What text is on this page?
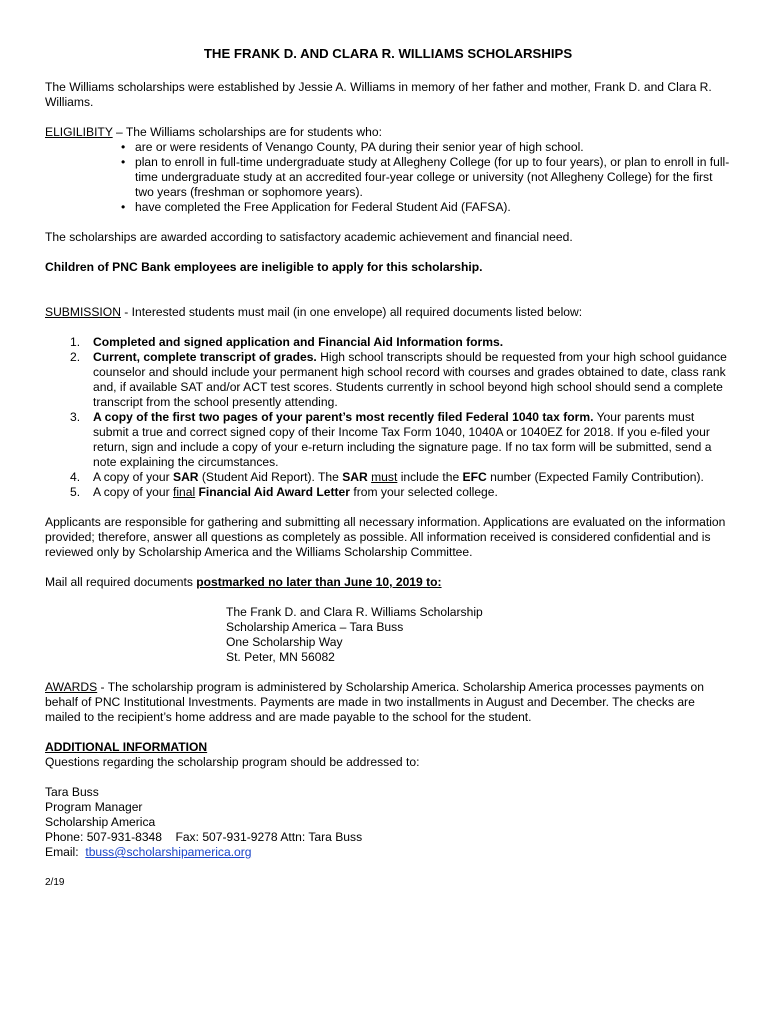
THE FRANK D. AND CLARA R. WILLIAMS SCHOLARSHIPS

The Williams scholarships were established by Jessie A. Williams in memory of her father and mother, Frank D. and Clara R. Williams.

ELIGILIBITY – The Williams scholarships are for students who:

• are or were residents of Venango County, PA during their senior year of high school.
• plan to enroll in full-time undergraduate study at Allegheny College (for up to four years), or plan to enroll in full-time undergraduate study at an accredited four-year college or university (not Allegheny College) for the first two years (freshman or sophomore years).
• have completed the Free Application for Federal Student Aid (FAFSA).

The scholarships are awarded according to satisfactory academic achievement and financial need.

Children of PNC Bank employees are ineligible to apply for this scholarship.

SUBMISSION - Interested students must mail (in one envelope) all required documents listed below:

1. Completed and signed application and Financial Aid Information forms.
2. Current, complete transcript of grades. High school transcripts should be requested from your high school guidance counselor and should include your permanent high school record with courses and grades obtained to date, class rank and, if available SAT and/or ACT test scores. Students currently in school beyond high school should send a complete transcript from the school presently attending.
3. A copy of the first two pages of your parent’s most recently filed Federal 1040 tax form. Your parents must submit a true and correct signed copy of their Income Tax Form 1040, 1040A or 1040EZ for 2018. If you e-filed your return, sign and include a copy of your e-return including the signature page. If no tax form will be submitted, send a note explaining the circumstances.
4. A copy of your SAR (Student Aid Report). The SAR must include the EFC number (Expected Family Contribution).
5. A copy of your final Financial Aid Award Letter from your selected college.

Applicants are responsible for gathering and submitting all necessary information. Applications are evaluated on the information provided; therefore, answer all questions as completely as possible. All information received is considered confidential and is reviewed only by Scholarship America and the Williams Scholarship Committee.

Mail all required documents postmarked no later than June 10, 2019 to:

The Frank D. and Clara R. Williams Scholarship
Scholarship America – Tara Buss
One Scholarship Way
St. Peter, MN 56082

AWARDS - The scholarship program is administered by Scholarship America. Scholarship America processes payments on behalf of PNC Institutional Investments. Payments are made in two installments in August and December. The checks are mailed to the recipient’s home address and are made payable to the school for the student.

ADDITIONAL INFORMATION

Questions regarding the scholarship program should be addressed to:

Tara Buss
Program Manager
Scholarship America
Phone: 507-931-8348    Fax: 507-931-9278 Attn: Tara Buss
Email:  tbuss@scholarshipamerica.org
2/19
